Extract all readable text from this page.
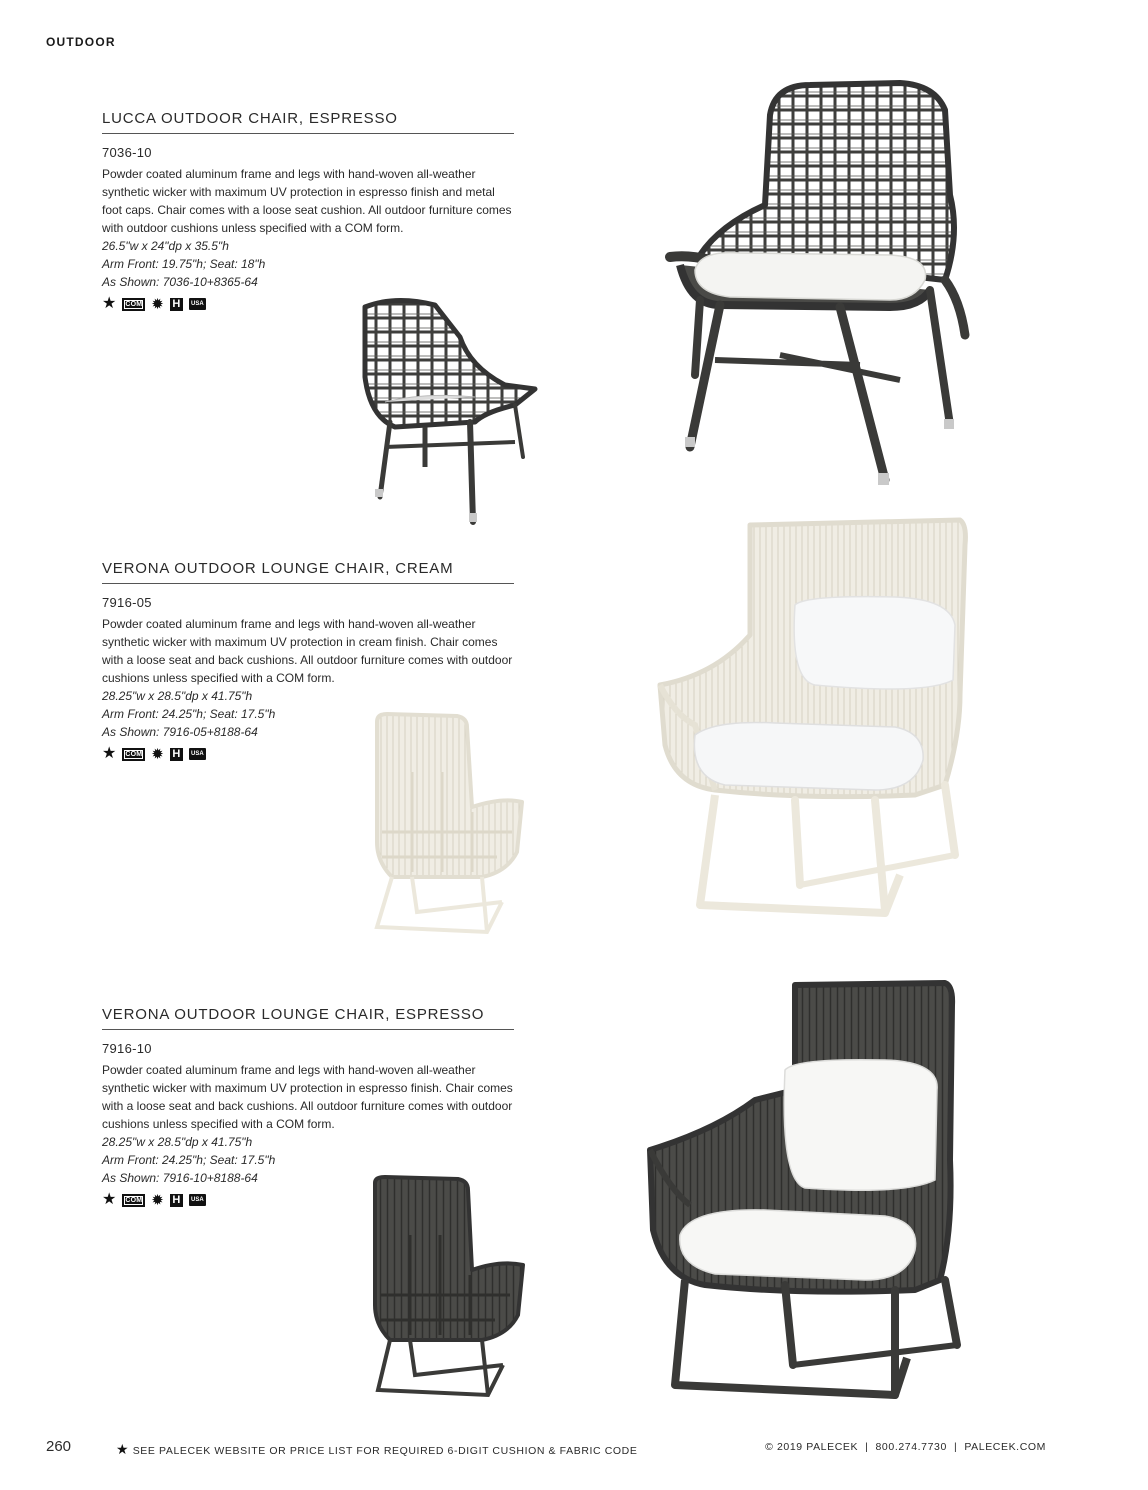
OUTDOOR
LUCCA OUTDOOR CHAIR, ESPRESSO
7036-10
Powder coated aluminum frame and legs with hand-woven all-weather synthetic wicker with maximum UV protection in espresso finish and metal foot caps. Chair comes with a loose seat cushion. All outdoor furniture comes with outdoor cushions unless specified with a COM form.
26.5"w x 24"dp x 35.5"h
Arm Front: 19.75"h; Seat: 18"h
As Shown: 7036-10+8365-64
★	COM ✹ H	USA
VERONA OUTDOOR LOUNGE CHAIR, CREAM
7916-05
Powder coated aluminum frame and legs with hand-woven all-weather synthetic wicker with maximum UV protection in cream finish. Chair comes with a loose seat and back cushions. All outdoor furniture comes with outdoor cushions unless specified with a COM form.
28.25"w x 28.5"dp x 41.75"h
Arm Front: 24.25"h; Seat: 17.5"h
As Shown: 7916-05+8188-64
★	COM ✹ H	USA
VERONA OUTDOOR LOUNGE CHAIR, ESPRESSO
7916-10
Powder coated aluminum frame and legs with hand-woven all-weather synthetic wicker with maximum UV protection in espresso finish. Chair comes with a loose seat and back cushions. All outdoor furniture comes with outdoor cushions unless specified with a COM form.
28.25"w x 28.5"dp x 41.75"h
Arm Front: 24.25"h; Seat: 17.5"h
As Shown: 7916-10+8188-64
★	COM ✹ H	USA
260	★ SEE PALECEK WEBSITE OR PRICE LIST FOR REQUIRED 6-DIGIT CUSHION & FABRIC CODE	© 2019 PALECEK  |  800.274.7730  |  PALECEK.COM
